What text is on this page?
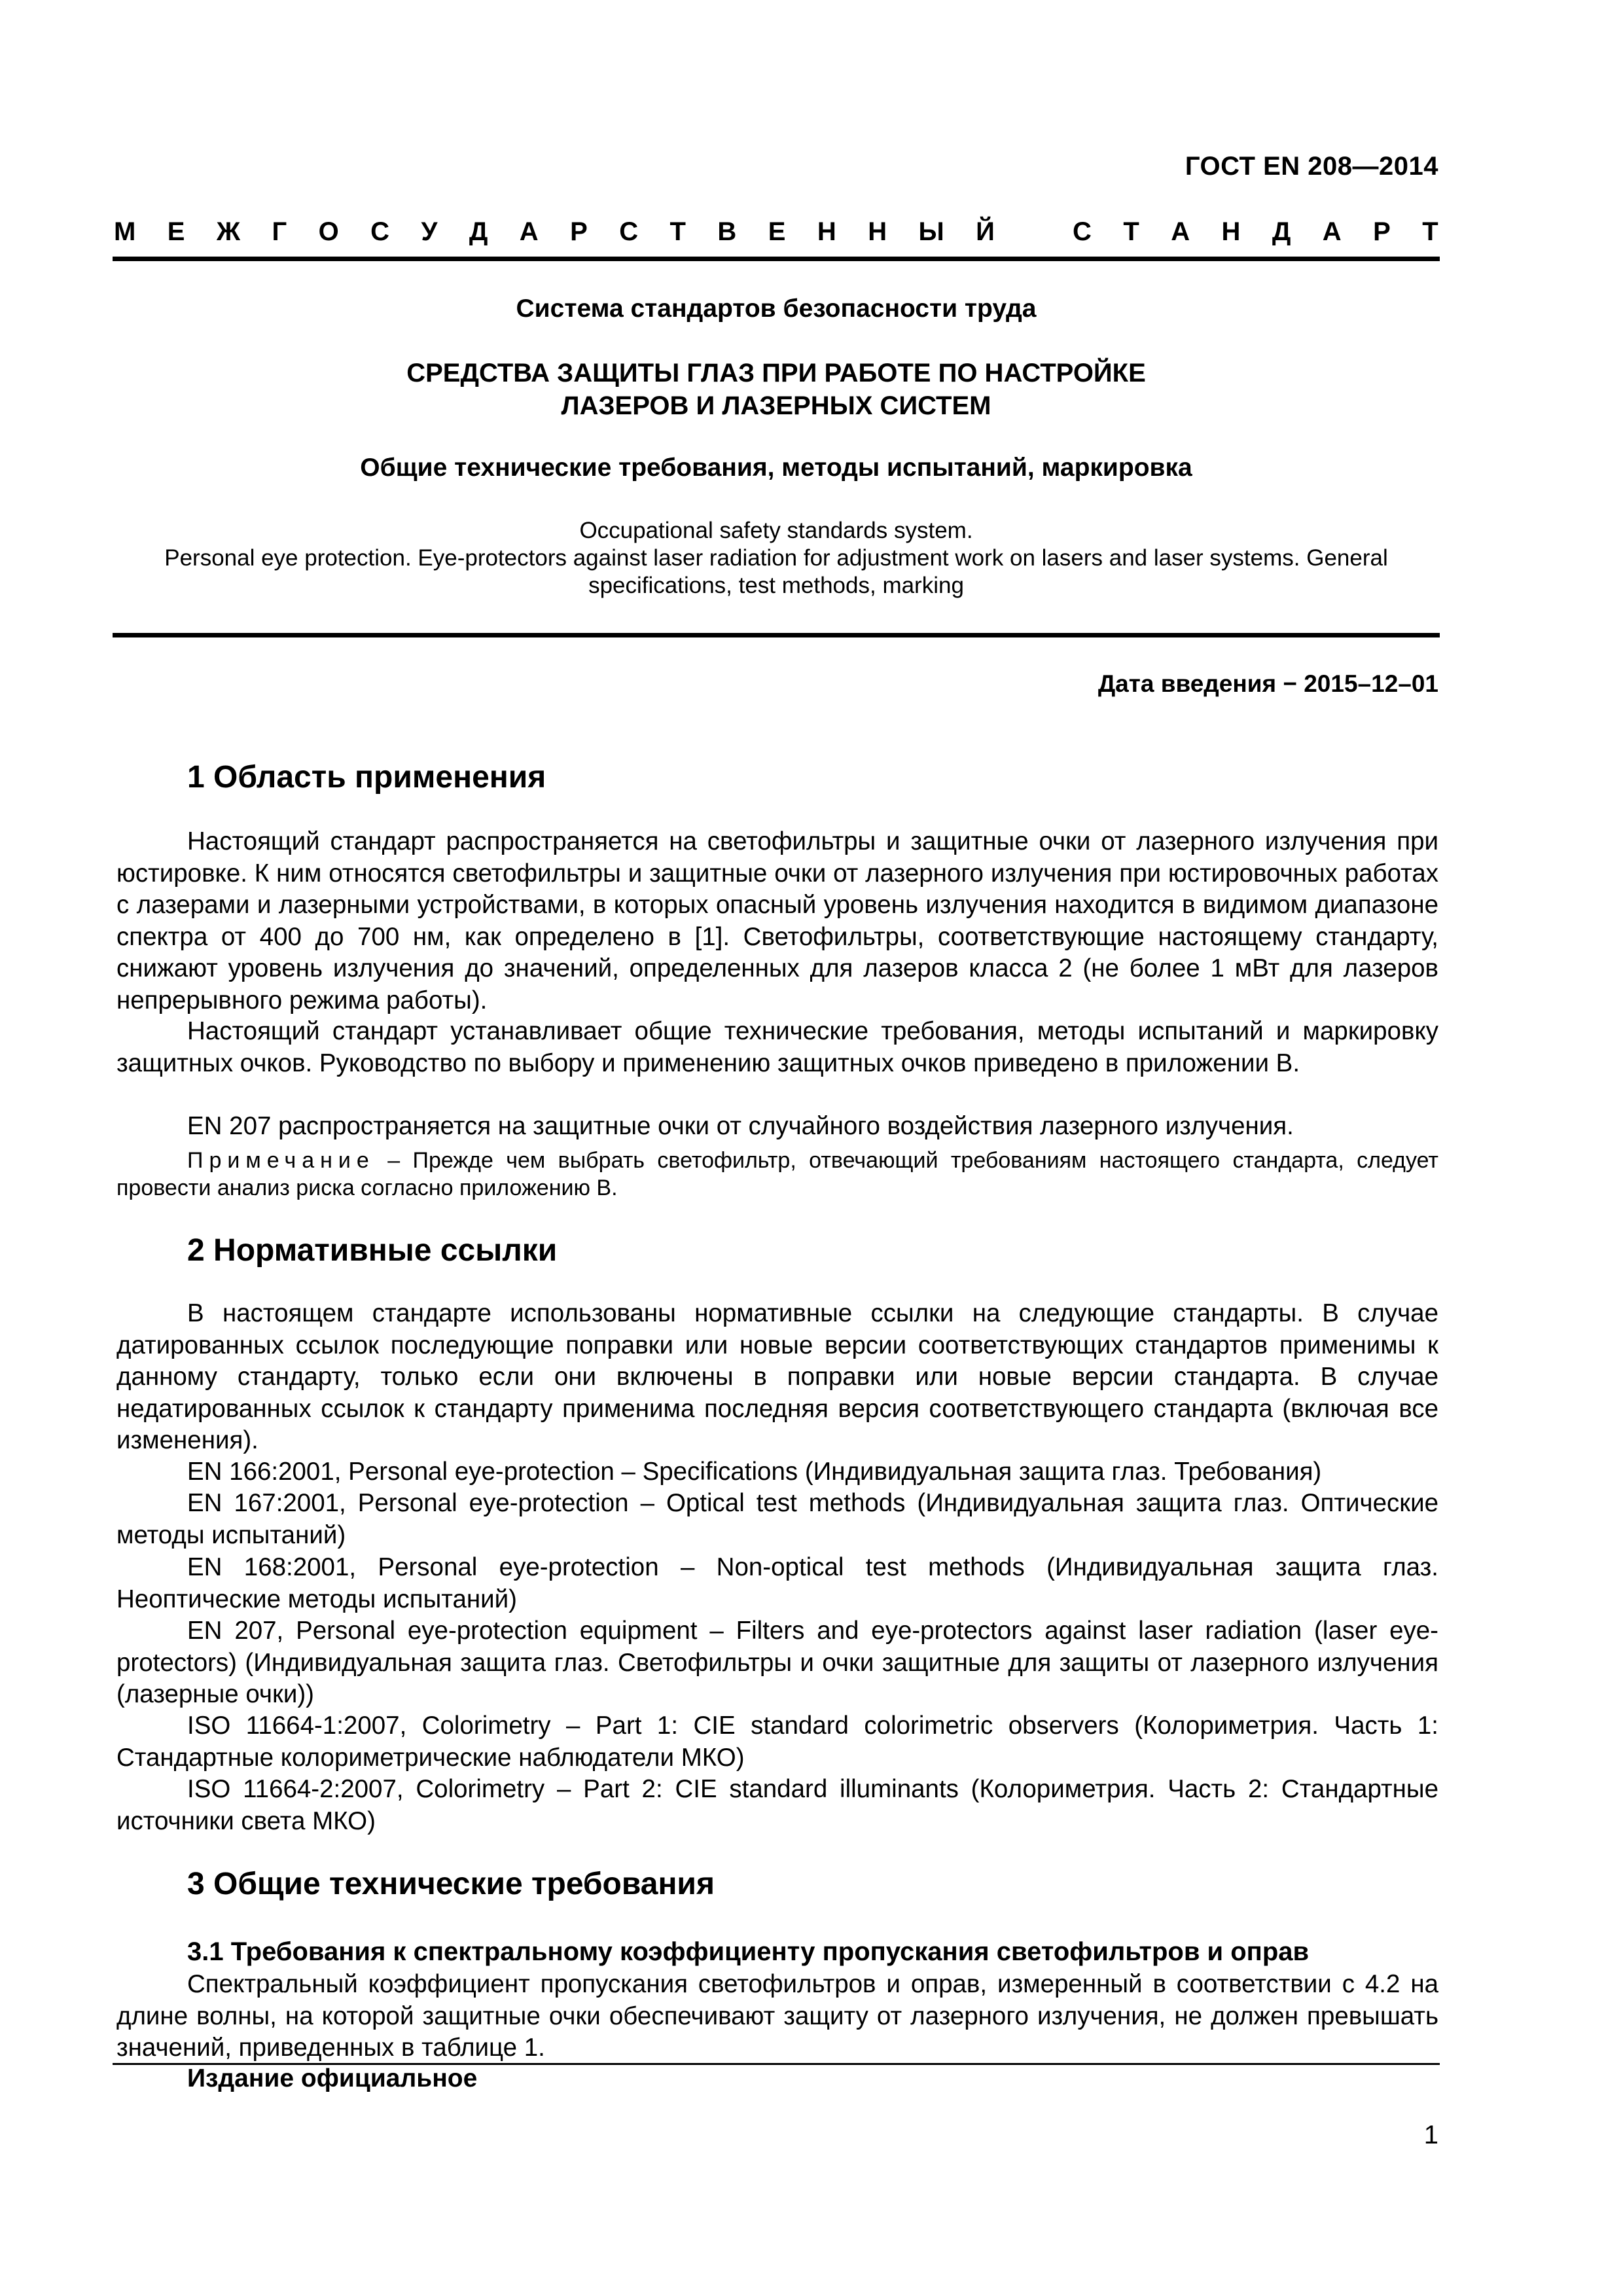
ГОСТ EN 208—2014
М Е Ж Г О С У Д А Р С Т В Е Н Н Ы Й
	С Т А Н Д А Р Т
Система стандартов безопасности труда
СРЕДСТВА ЗАЩИТЫ ГЛАЗ ПРИ РАБОТЕ ПО НАСТРОЙКЕ
ЛАЗЕРОВ И ЛАЗЕРНЫХ СИСТЕМ
Общие технические требования, методы испытаний, маркировка
Occupational safety standards system.
Personal eye protection. Eye-protectors against laser radiation for adjustment work on lasers and laser systems. General
specifications, test methods, marking
Дата введения − 2015–12–01
1 Область применения

Настоящий стандарт распространяется на светофильтры и защитные очки от лазерного излучения при юстировке. К ним относятся светофильтры и защитные очки от лазерного излучения при юстировочных работах с лазерами и лазерными устройствами, в которых опасный уровень излучения находится в видимом диапазоне спектра от 400 до 700 нм, как определено в [1]. Светофильтры, соответствующие настоящему стандарту, снижают уровень излучения до значений, определенных для лазеров класса 2 (не более 1 мВт для лазеров непрерывного режима работы).

Настоящий стандарт устанавливает общие технические требования, методы испытаний и маркировку защитных очков. Руководство по выбору и применению защитных очков приведено в приложении В.

EN 207 распространяется на защитные очки от случайного воздействия лазерного излучения.

Примечание – Прежде чем выбрать светофильтр, отвечающий требованиям настоящего стандарта, следует провести анализ риска согласно приложению В.

2 Нормативные ссылки

В настоящем стандарте использованы нормативные ссылки на следующие стандарты. В случае датированных ссылок последующие поправки или новые версии соответствующих стандартов применимы к данному стандарту, только если они включены в поправки или новые версии стандарта. В случае недатированных ссылок к стандарту применима последняя версия соответствующего стандарта (включая все изменения).

EN 166:2001, Personal eye-protection – Specifications (Индивидуальная защита глаз. Требования)

EN 167:2001, Personal eye-protection – Optical test methods (Индивидуальная защита глаз. Оптические методы испытаний)

EN 168:2001, Personal eye-protection – Non-optical test methods (Индивидуальная защита глаз. Неоптические методы испытаний)

EN 207, Personal eye-protection equipment – Filters and eye-protectors against laser radiation (laser eye-protectors) (Индивидуальная защита глаз. Светофильтры и очки защитные для защиты от лазерного излучения (лазерные очки))

ISO 11664-1:2007, Colorimetry – Part 1: CIE standard colorimetric observers (Колориметрия. Часть 1: Стандартные колориметрические наблюдатели МКО)

ISO 11664-2:2007, Colorimetry – Part 2: CIE standard illuminants (Колориметрия. Часть 2: Стандартные источники света МКО)

3 Общие технические требования
3.1 Требования к спектральному коэффициенту пропускания светофильтров и оправ

Спектральный коэффициент пропускания светофильтров и оправ, измеренный в соответствии с 4.2 на длине волны, на которой защитные очки обеспечивают защиту от лазерного излучения, не должен превышать значений, приведенных в таблице 1.

Издание официальное
1
